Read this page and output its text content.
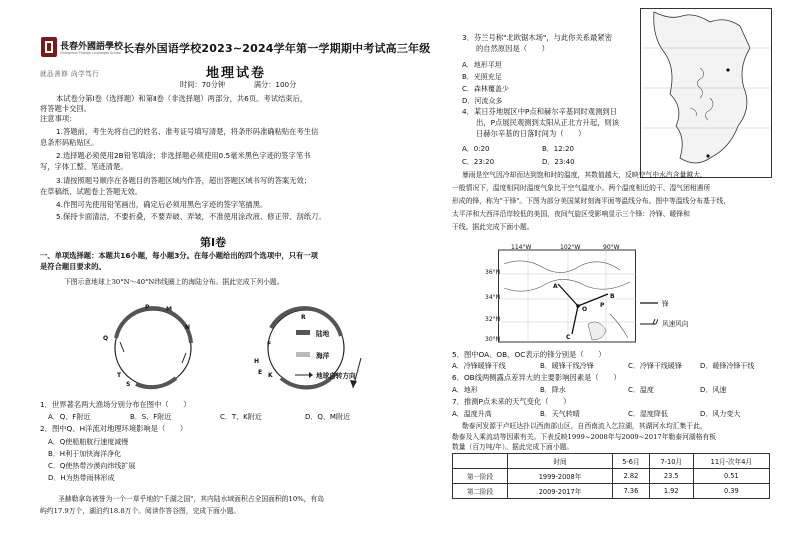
長春外國語學校
Changchun Foreign Languages School
就品善修 尚学笃行
长春外国语学校2023~2024学年第一学期期中考试高三年级
地理试卷
时间：70分钟　　　　满分：100分
本试卷分第Ⅰ卷（选择题）和第Ⅱ卷（非选择题）两部分，共6页。考试结束后，
将答题卡交回。
注意事项：
1.答题前，考生先将自己的姓名、准考证号填写清楚，将条形码准确粘贴在考生信
息条形码粘贴区。
2.选择题必须使用2B铅笔填涂；非选择题必须使用0.5毫米黑色字迹的签字笔书
写，字体工整、笔迹清楚。
3.请按照题号顺序在各题目的答题区域内作答，超出答题区域书写的答案无效；
在草稿纸、试题卷上答题无效。
4.作图可先使用铅笔画出，确定后必须用黑色字迹的签字笔描黑。
5.保持卡面清洁，不要折叠，不要弄破、弄皱，不准使用涂改液、修正带、刮纸刀。
第Ⅰ卷
一、单项选择题：本题共16小题，每小题3分。在每小题给出的四个选项中，只有一项
是符合题目要求的。
下图示意地球上30°N～40°N纬线圈上的海陆分布。据此完成下列小题。
P	M
N
Q
T
S
R
F
H
E K
陆地
海洋
地球自转方向
1．世界著名两大渔场分别分布在图中（　　）
A．Q、F附近	B．S、F附近	C．T、K附近	D．Q、M附近
2．图中Q、H洋流对地理环境影响是（　　）
A．Q使船舶航行速度减慢
B．H利于加快海洋净化
C．Q使热带沙漠向纬线扩展
D．H为热带雨林形成
圣赫勒拿岛被誉为一个一草乎地的"千湖之国"，其内陆水域面积占全国面积的10%，有岛
屿约17.9万个，湖泊约18.8万个。阅读作答谷图，完成下面小题。
3．芬兰号称"北欧锯木场"，与此你关系最紧密
的自然原因是（　　）
A．地形平坦
B．光照充足
C．森林覆盖少
D．河流众多
4．某日芬地展区中P点和赫尔辛基同时观测到日
出，P点展民观测到太阳从正北方升起，则该
日赫尔辛基的日落时间为（　　）
A．0:20	B．12:20
C．23:20	D．23:40
暴雨是空气因冷却而达到饱和时的温度，其数值越大，反映空气中水汽含量越大。
一般情况下，温度相同时温度气象比干空气温度小。两个温度相近的干、湿气团相遇所
形成的锋，称为"干锋"。下图为部分美国某时刻海平面等温线分布。图中等温线分布基于线，
太平洋和大西洋沿岸较低的美国，夜间气旋区受影响显示三个锋：冷锋、暖锋和
干线。据此完成下面小题。
114°W	102°W	90°W
36°N
34°N
32°N
30°N
O
A
B
C
P	锋
风速风向
5．图中OA、OB、OC表示的锋分别是（　　）
A．冷锋暖锋干线	B．暖锋干线冷锋	C．冷锋干线暖锋	D．暖锋冷锋干线
6．OB线两侧露点差异大的主要影响因素是（　　）
A．地形	B．降水	C．温度	D．风速
7．推测P点未来的天气变化（　　）
A．温度升高	B．天气转晴	C．湿度降低	D．风力变大
勒泰河发源于卢旺达扑以西南部山区，自西南流入乞拉湖，其湖河水均汇集于此，
勒泰及入乘流动等因素有关。下表反映1999~2008年与2009~2017年勒泰河湖格有板
数量（百万吨/年）。据此完成下面小题。
	时间	5-6月	7-10月	11月-次年4月
第一阶段	1999-2008年	2.82	23.5	0.51
第二阶段	2009-2017年	7.36	1.92	0.39
